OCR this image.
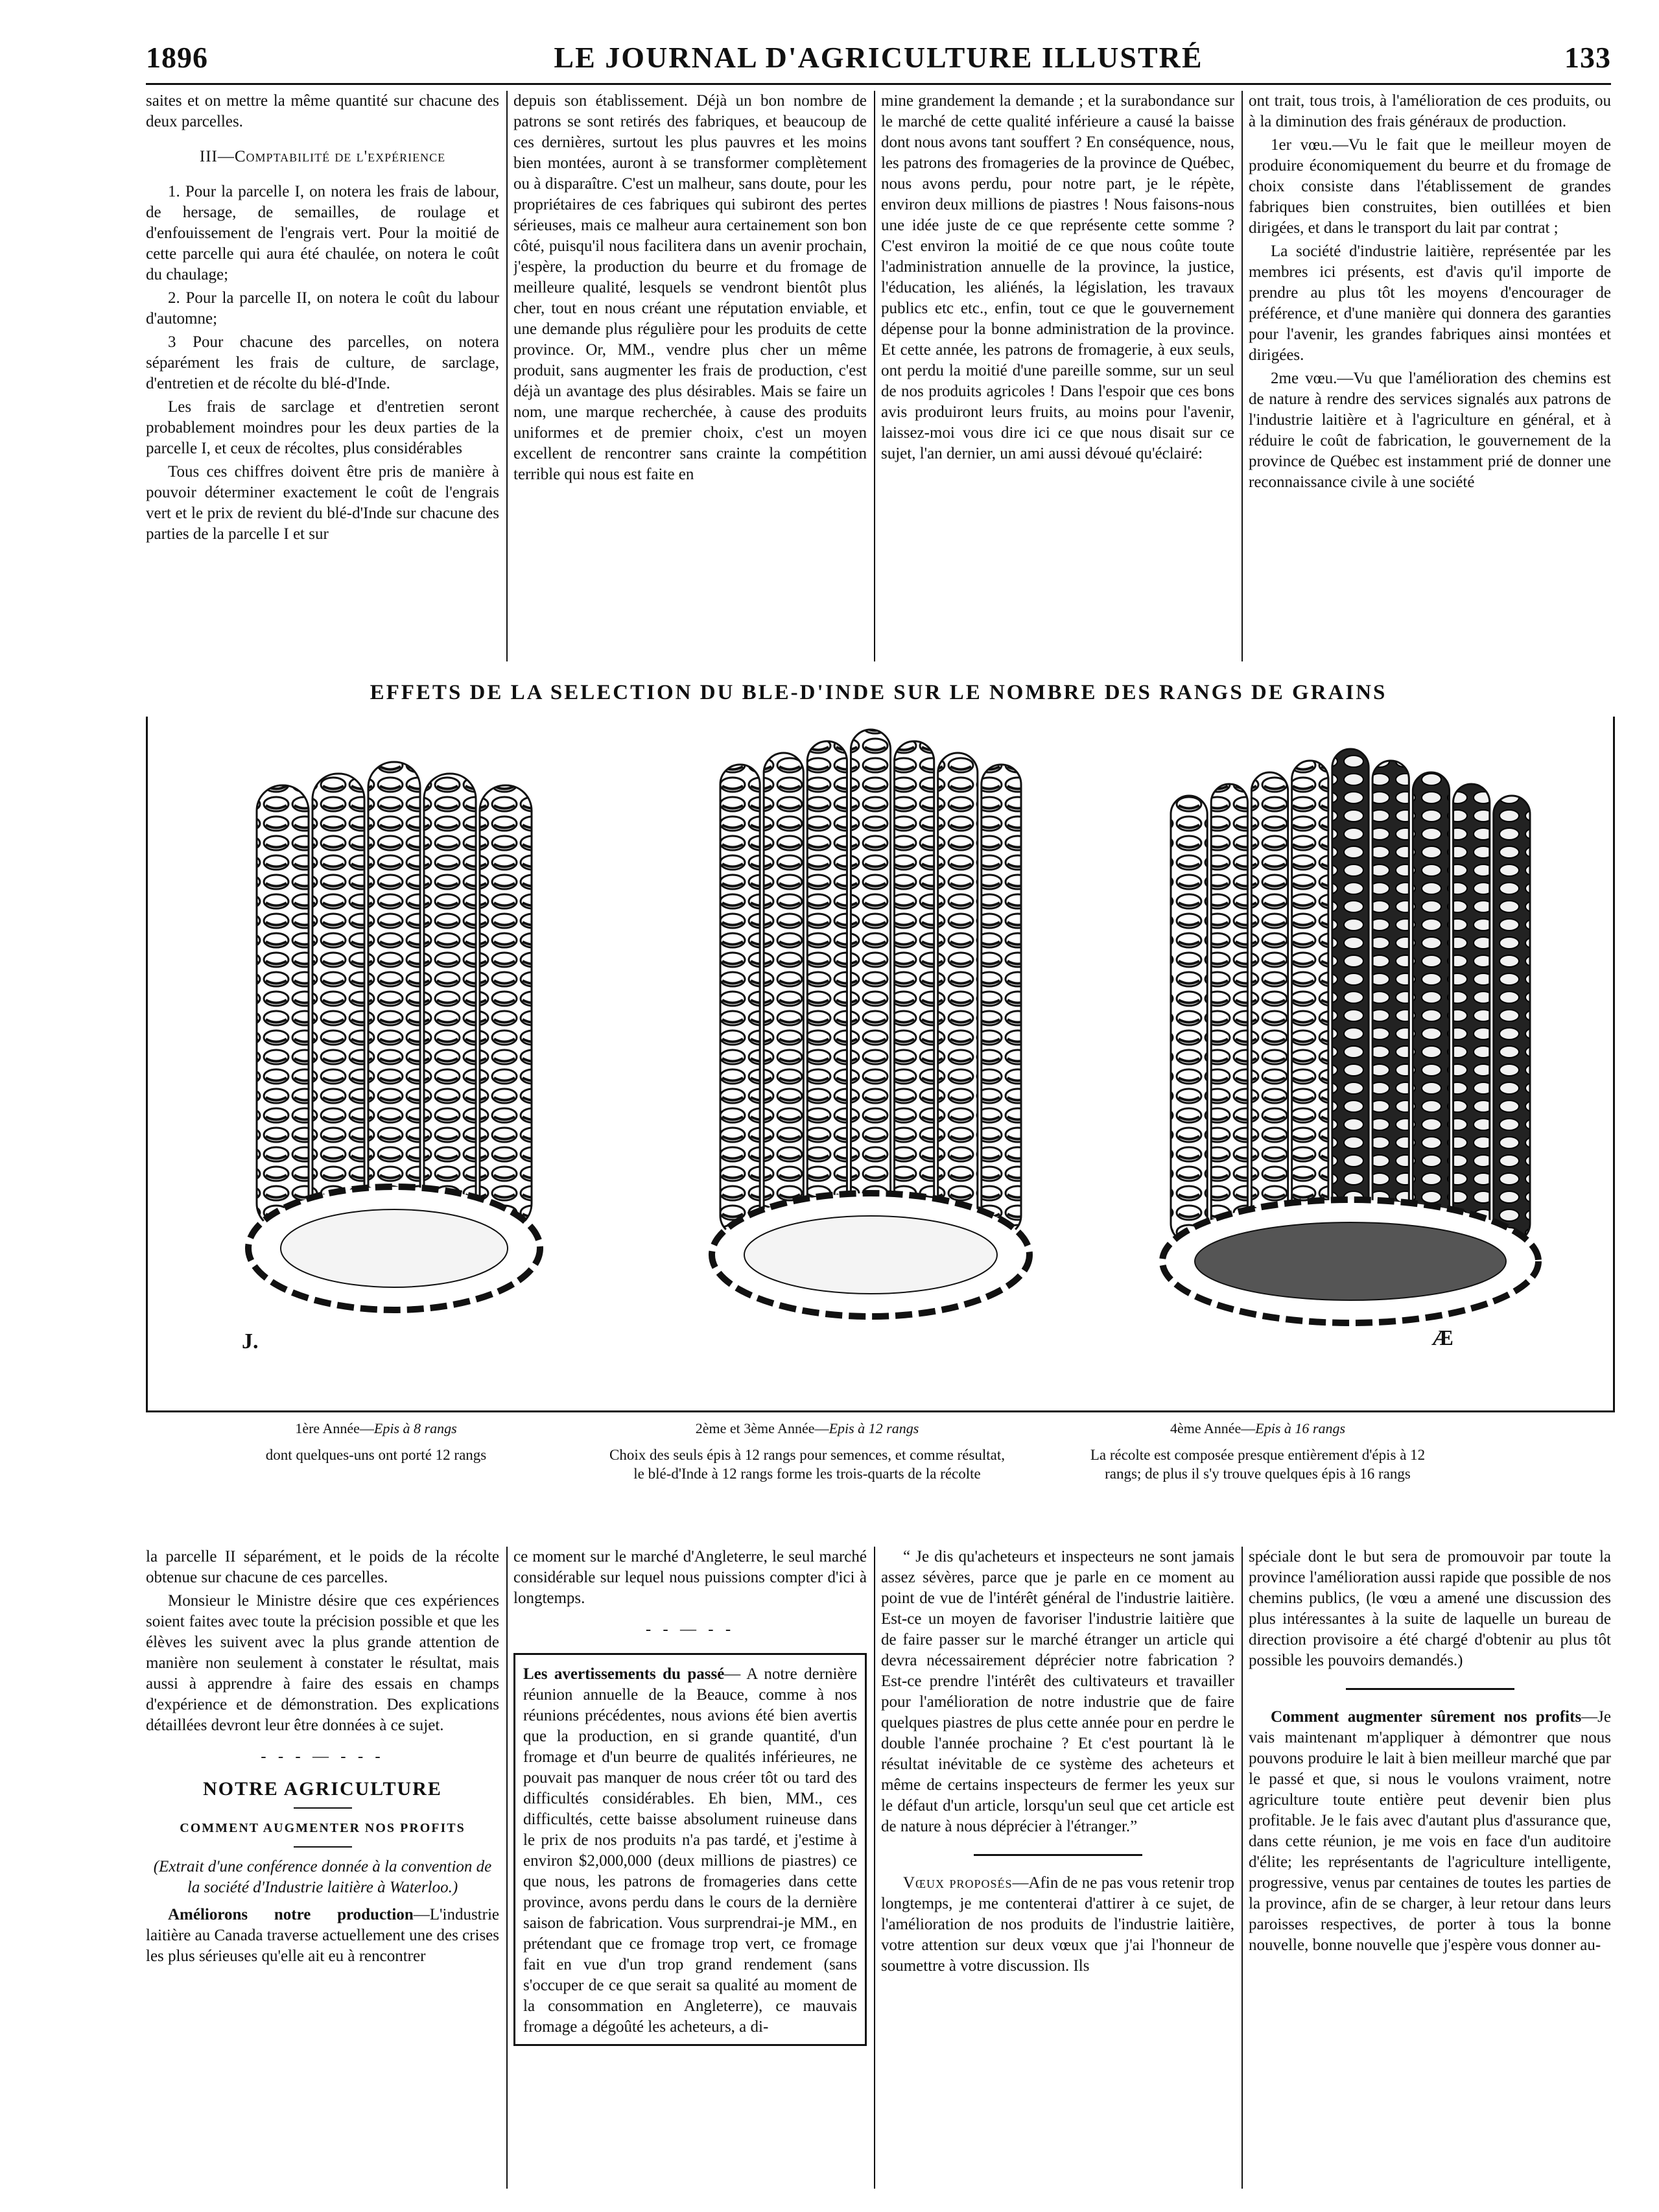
1896	LE JOURNAL D'AGRICULTURE ILLUSTRÉ	133

saites et on mettre la même quantité sur chacune des deux parcelles.

III—Comptabilité de l'expérience

1. Pour la parcelle I, on notera les frais de labour, de hersage, de semailles, de roulage et d'enfouissement de l'engrais vert. Pour la moitié de cette parcelle qui aura été chaulée, on notera le coût du chaulage;

2. Pour la parcelle II, on notera le coût du labour d'automne;

3 Pour chacune des parcelles, on notera séparément les frais de culture, de sarclage, d'entretien et de récolte du blé-d'Inde.

Les frais de sarclage et d'entretien seront probablement moindres pour les deux parties de la parcelle I, et ceux de récoltes, plus considérables

Tous ces chiffres doivent être pris de manière à pouvoir déterminer exactement le coût de l'engrais vert et le prix de revient du blé-d'Inde sur chacune des parties de la parcelle I et sur

depuis son établissement. Déjà un bon nombre de patrons se sont retirés des fabriques, et beaucoup de ces dernières, surtout les plus pauvres et les moins bien montées, auront à se transformer complètement ou à disparaître. C'est un malheur, sans doute, pour les propriétaires de ces fabriques qui subiront des pertes sérieuses, mais ce malheur aura certainement son bon côté, puisqu'il nous facilitera dans un avenir prochain, j'espère, la production du beurre et du fromage de meilleure qualité, lesquels se vendront bientôt plus cher, tout en nous créant une réputation enviable, et une demande plus régulière pour les produits de cette province. Or, MM., vendre plus cher un même produit, sans augmenter les frais de production, c'est déjà un avantage des plus désirables. Mais se faire un nom, une marque recherchée, à cause des produits uniformes et de premier choix, c'est un moyen excellent de rencontrer sans crainte la compétition terrible qui nous est faite en

mine grandement la demande ; et la surabondance sur le marché de cette qualité inférieure a causé la baisse dont nous avons tant souffert ? En conséquence, nous, les patrons des fromageries de la province de Québec, nous avons perdu, pour notre part, je le répète, environ deux millions de piastres ! Nous faisons-nous une idée juste de ce que représente cette somme ? C'est environ la moitié de ce que nous coûte toute l'administration annuelle de la province, la justice, l'éducation, les aliénés, la législation, les travaux publics etc etc., enfin, tout ce que le gouvernement dépense pour la bonne administration de la province. Et cette année, les patrons de fromagerie, à eux seuls, ont perdu la moitié d'une pareille somme, sur un seul de nos produits agricoles ! Dans l'espoir que ces bons avis produiront leurs fruits, au moins pour l'avenir, laissez-moi vous dire ici ce que nous disait sur ce sujet, l'an dernier, un ami aussi dévoué qu'éclairé:

ont trait, tous trois, à l'amélioration de ces produits, ou à la diminution des frais généraux de production.

1er vœu.—Vu le fait que le meilleur moyen de produire économiquement du beurre et du fromage de choix consiste dans l'établissement de grandes fabriques bien construites, bien outillées et bien dirigées, et dans le transport du lait par contrat ;

La société d'industrie laitière, représentée par les membres ici présents, est d'avis qu'il importe de prendre au plus tôt les moyens d'encourager de préférence, et d'une manière qui donnera des garanties pour l'avenir, les grandes fabriques ainsi montées et dirigées.

2me vœu.—Vu que l'amélioration des chemins est de nature à rendre des services signalés aux patrons de l'industrie laitière et à l'agriculture en général, et à réduire le coût de fabrication, le gouvernement de la province de Québec est instamment prié de donner une reconnaissance civile à une société

EFFETS DE LA SELECTION DU BLE-D'INDE SUR LE NOMBRE DES RANGS DE GRAINS
J.	Æ
1ère Année—Epis à 8 rangs
dont quelques-uns ont porté 12 rangs
2ème et 3ème Année—Epis à 12 rangs
Choix des seuls épis à 12 rangs pour semences, et comme résultat, le blé-d'Inde à 12 rangs forme les trois-quarts de la récolte
4ème Année—Epis à 16 rangs
La récolte est composée presque entièrement d'épis à 12 rangs; de plus il s'y trouve quelques épis à 16 rangs

la parcelle II séparément, et le poids de la récolte obtenue sur chacune de ces parcelles.

Monsieur le Ministre désire que ces expériences soient faites avec toute la précision possible et que les élèves les suivent avec la plus grande attention de manière non seulement à constater le résultat, mais aussi à apprendre à faire des essais en champs d'expérience et de démonstration. Des explications détaillées devront leur être données à ce sujet.

- - - — - - -
NOTRE AGRICULTURE
COMMENT AUGMENTER NOS PROFITS

(Extrait d'une conférence donnée à la convention de la société d'Industrie laitière à Waterloo.)

Améliorons notre production—L'industrie laitière au Canada traverse actuellement une des crises les plus sérieuses qu'elle ait eu à rencontrer

ce moment sur le marché d'Angleterre, le seul marché considérable sur lequel nous puissions compter d'ici à longtemps.

- - — - -

Les avertissements du passé— A notre dernière réunion annuelle de la Beauce, comme à nos réunions précédentes, nous avions été bien avertis que la production, en si grande quantité, d'un fromage et d'un beurre de qualités inférieures, ne pouvait pas manquer de nous créer tôt ou tard des difficultés considérables. Eh bien, MM., ces difficultés, cette baisse absolument ruineuse dans le prix de nos produits n'a pas tardé, et j'estime à environ $2,000,000 (deux millions de piastres) ce que nous, les patrons de fromageries dans cette province, avons perdu dans le cours de la dernière saison de fabrication. Vous surprendrai-je MM., en prétendant que ce fromage trop vert, ce fromage fait en vue d'un trop grand rendement (sans s'occuper de ce que serait sa qualité au moment de la consommation en Angleterre), ce mauvais fromage a dégoûté les acheteurs, a di-

“ Je dis qu'acheteurs et inspecteurs ne sont jamais assez sévères, parce que je parle en ce moment au point de vue de l'intérêt général de l'industrie laitière. Est-ce un moyen de favoriser l'industrie laitière que de faire passer sur le marché étranger un article qui devra nécessairement déprécier notre fabrication ? Est-ce prendre l'intérêt des cultivateurs et travailler pour l'amélioration de notre industrie que de faire quelques piastres de plus cette année pour en perdre le double l'année prochaine ? Et c'est pourtant là le résultat inévitable de ce système des acheteurs et même de certains inspecteurs de fermer les yeux sur le défaut d'un article, lorsqu'un seul que cet article est de nature à nous déprécier à l'étranger.”

Vœux proposés—Afin de ne pas vous retenir trop longtemps, je me contenterai d'attirer à ce sujet, de l'amélioration de nos produits de l'industrie laitière, votre attention sur deux vœux que j'ai l'honneur de soumettre à votre discussion. Ils

spéciale dont le but sera de promouvoir par toute la province l'amélioration aussi rapide que possible de nos chemins publics, (le vœu a amené une discussion des plus intéressantes à la suite de laquelle un bureau de direction provisoire a été chargé d'obtenir au plus tôt possible les pouvoirs demandés.)

Comment augmenter sûrement nos profits—Je vais maintenant m'appliquer à démontrer que nous pouvons produire le lait à bien meilleur marché que par le passé et que, si nous le voulons vraiment, notre agriculture toute entière peut devenir bien plus profitable. Je le fais avec d'autant plus d'assurance que, dans cette réunion, je me vois en face d'un auditoire d'élite; les représentants de l'agriculture intelligente, progressive, venus par centaines de toutes les parties de la province, afin de se charger, à leur retour dans leurs paroisses respectives, de porter à tous la bonne nouvelle, bonne nouvelle que j'espère vous donner au-
